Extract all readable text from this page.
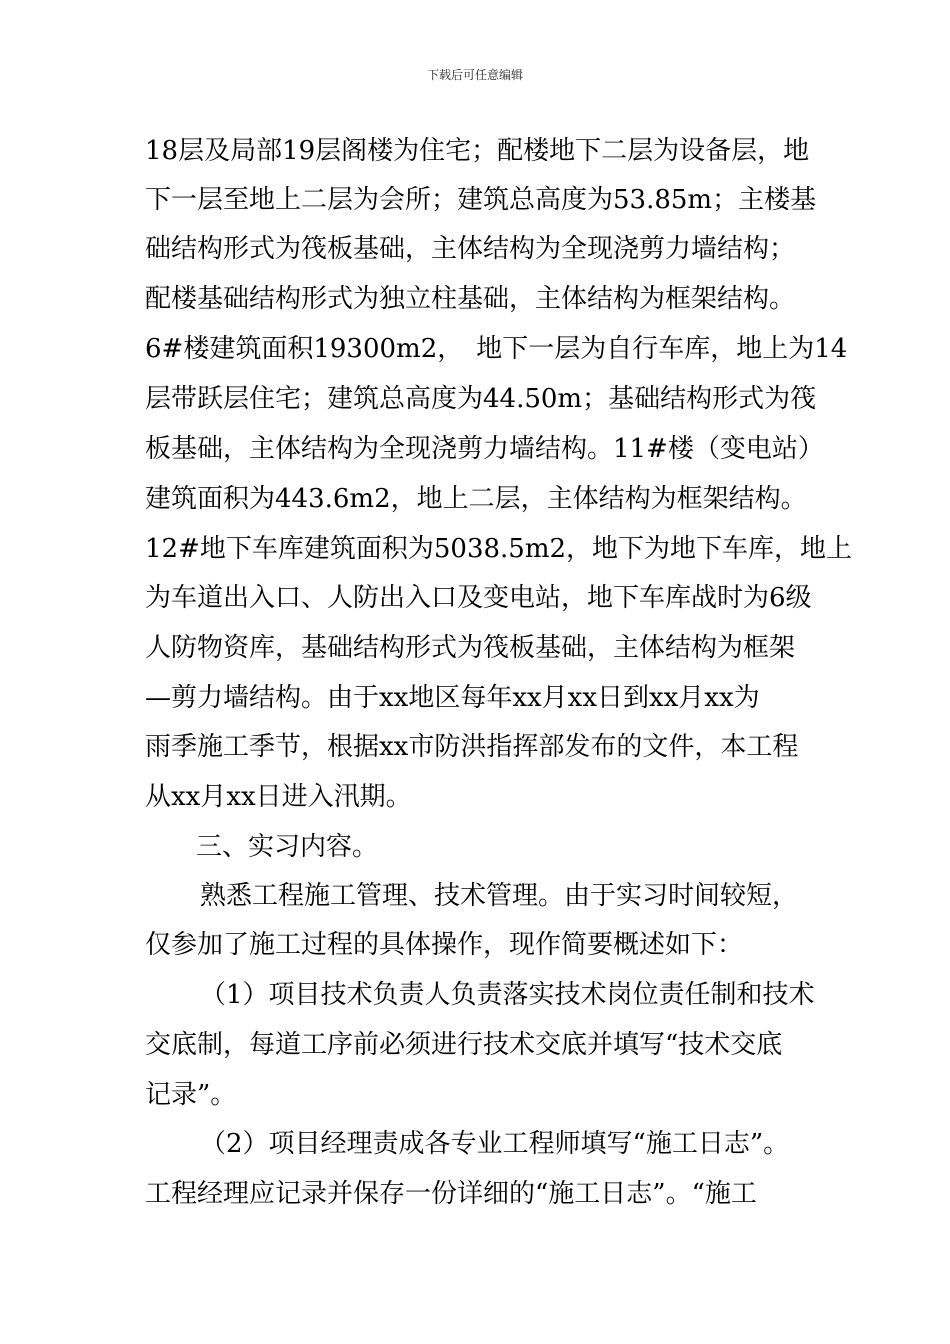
下载后可任意编辑
18层及局部19层阁楼为住宅；配楼地下二层为设备层，地
下一层至地上二层为会所；建筑总高度为53.85m；主楼基
础结构形式为筏板基础，主体结构为全现浇剪力墙结构；
配楼基础结构形式为独立柱基础，主体结构为框架结构。
6#楼建筑面积19300m2，　地下一层为自行车库，地上为14
层带跃层住宅；建筑总高度为44.50m；基础结构形式为筏
板基础，主体结构为全现浇剪力墙结构。11#楼（变电站）
建筑面积为443.6m2，地上二层，主体结构为框架结构。
12#地下车库建筑面积为5038.5m2，地下为地下车库，地上
为车道出入口、人防出入口及变电站，地下车库战时为6级
人防物资库，基础结构形式为筏板基础，主体结构为框架
—剪力墙结构。由于xx地区每年xx月xx日到xx月xx为
雨季施工季节，根据xx市防洪指挥部发布的文件，本工程
从xx月xx日进入汛期。
三、实习内容。
熟悉工程施工管理、技术管理。由于实习时间较短，
仅参加了施工过程的具体操作，现作简要概述如下：
（1）项目技术负责人负责落实技术岗位责任制和技术
交底制，每道工序前必须进行技术交底并填写“技术交底
记录”。
（2）项目经理责成各专业工程师填写“施工日志”。
工程经理应记录并保存一份详细的“施工日志”。“施工
